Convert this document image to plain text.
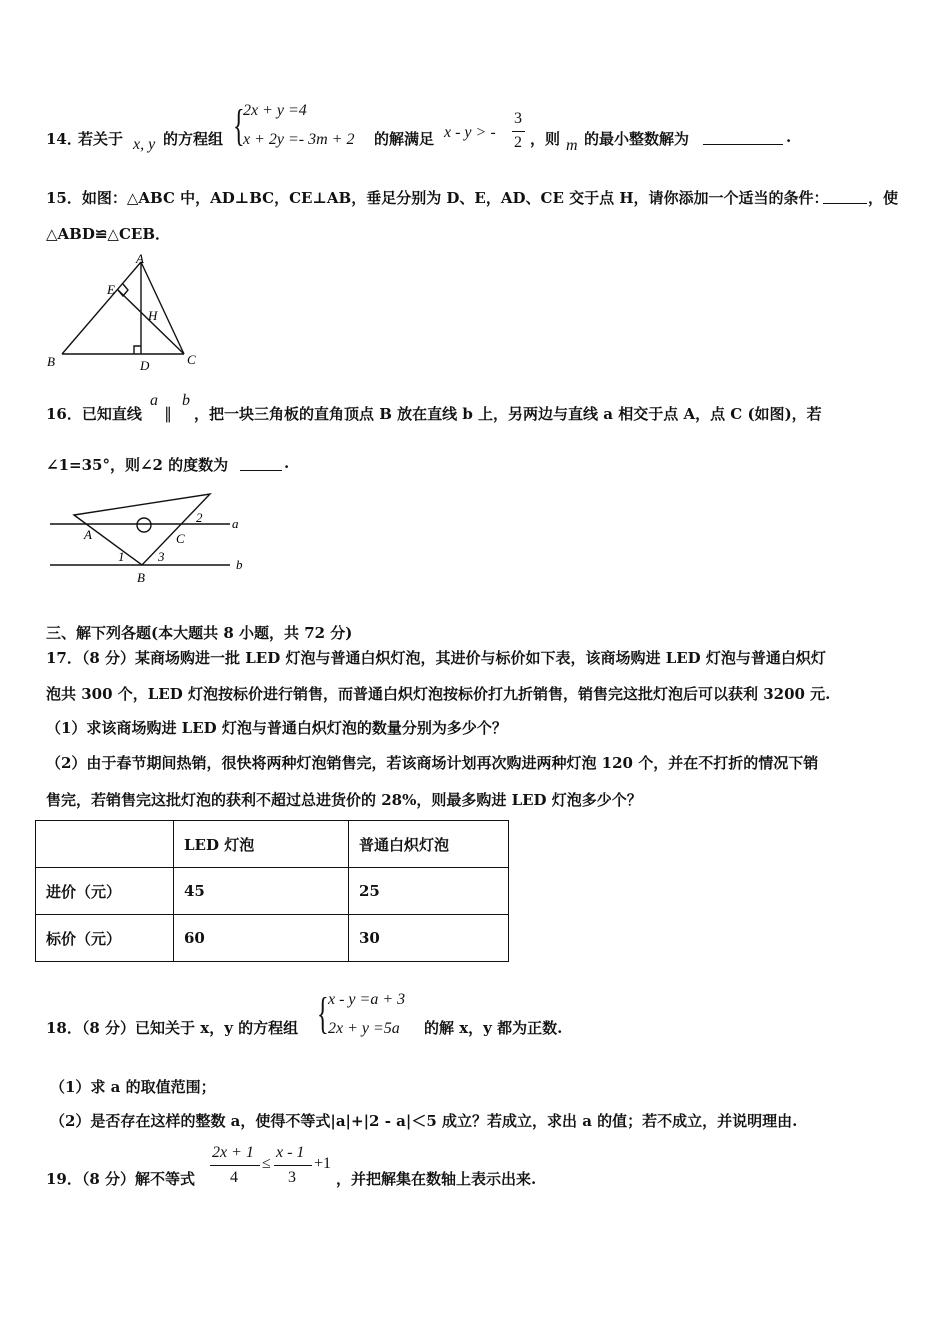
14．
若关于 x, y 的方程组 {
2x + y =4
x + 2y =- 3m + 2 的解满足 x - y > -
3
2 ，则 m 的最小整数解为	.
15．如图：△ABC 中，AD⊥BC，CE⊥AB，垂足分别为 D、E，AD、CE 交于点 H，请你添加一个适当的条件：	，使
△ABD≌△CEB．
A
B	C
D
E
H
16．已知直线
a
∥
b
，把一块三角板的直角顶点 B 放在直线 b 上，另两边与直线 a 相交于点 A，点 C (如图)，若
∠1=35°，则∠2 的度数为	.
A
B
C
1
2
3
a
b
三、解下列各题(本大题共 8 小题，共 72 分)
17．（8 分）某商场购进一批 LED 灯泡与普通白炽灯泡，其进价与标价如下表，该商场购进 LED 灯泡与普通白炽灯
泡共 300 个，LED 灯泡按标价进行销售，而普通白炽灯泡按标价打九折销售，销售完这批灯泡后可以获利 3200 元.
（1）求该商场购进 LED 灯泡与普通白炽灯泡的数量分别为多少个？
（2）由于春节期间热销，很快将两种灯泡销售完，若该商场计划再次购进两种灯泡 120 个，并在不打折的情况下销
售完，若销售完这批灯泡的获利不超过总进货价的 28%，则最多购进 LED 灯泡多少个？
	LED 灯泡	普通白炽灯泡
进价（元）	45	25
标价（元）	60	30
18．（8 分）已知关于 x，y 的方程组 { x - y =a + 3
2x + y =5a 的解 x，y 都为正数.
（1）求 a 的取值范围；
（2）是否存在这样的整数 a，使得不等式|a|+|2 - a|＜5 成立？若成立，求出 a 的值；若不成立，并说明理由.
19．（8 分）解不等式
2x + 1
4
≤
x - 1
3
+1
，并把解集在数轴上表示出来.
